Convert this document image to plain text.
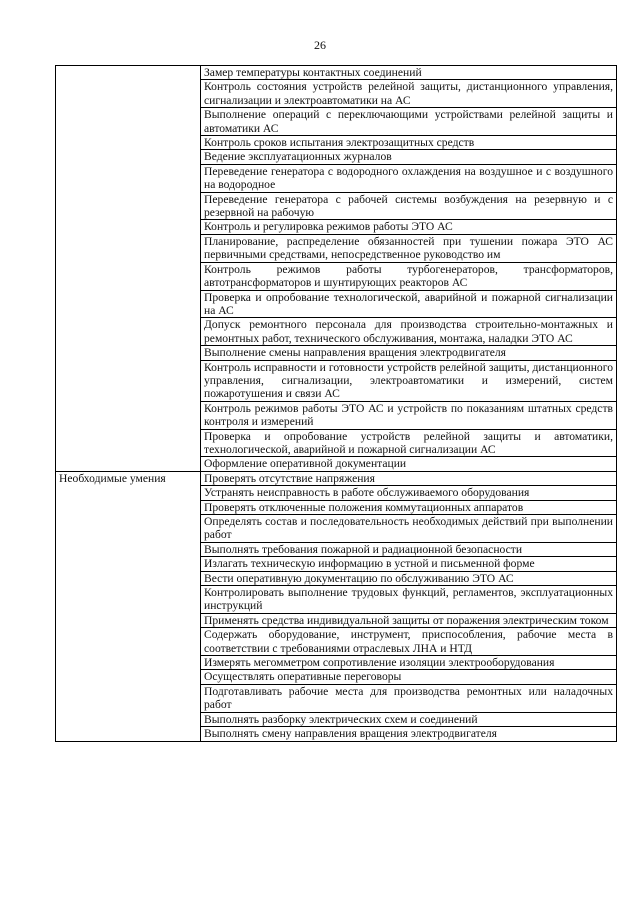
26
	Замер температуры контактных соединений
	Контроль состояния устройств релейной защиты, дистанционного управления, сигнализации и электроавтоматики на АС
	Выполнение операций с переключающими устройствами релейной защиты и автоматики АС
	Контроль сроков испытания электрозащитных средств
	Ведение эксплуатационных журналов
	Переведение генератора с водородного охлаждения на воздушное и с воздушного на водородное
	Переведение генератора с рабочей системы возбуждения на резервную и с резервной на рабочую
	Контроль и регулировка режимов работы ЭТО АС
	Планирование, распределение обязанностей при тушении пожара ЭТО АС первичными средствами, непосредственное руководство им
	Контроль режимов работы турбогенераторов, трансформаторов, автотрансформаторов и шунтирующих реакторов АС
	Проверка и опробование технологической, аварийной и пожарной сигнализации на АС
	Допуск ремонтного персонала для производства строительно-монтажных и ремонтных работ, технического обслуживания, монтажа, наладки ЭТО АС
	Выполнение смены направления вращения электродвигателя
	Контроль исправности и готовности устройств релейной защиты, дистанционного управления, сигнализации, электроавтоматики и измерений, систем пожаротушения и связи АС
	Контроль режимов работы ЭТО АС и устройств по показаниям штатных средств контроля и измерений
	Проверка и опробование устройств релейной защиты и автоматики, технологической, аварийной и пожарной сигнализации АС
	Оформление оперативной документации

Необходимые умения	Проверять отсутствие напряжения
	Устранять неисправность в работе обслуживаемого оборудования
	Проверять отключенные положения коммутационных аппаратов
	Определять состав и последовательность необходимых действий при выполнении работ
	Выполнять требования пожарной и радиационной безопасности
	Излагать техническую информацию в устной и письменной форме
	Вести оперативную документацию по обслуживанию ЭТО АС
	Контролировать выполнение трудовых функций, регламентов, эксплуатационных инструкций
	Применять средства индивидуальной защиты от поражения электрическим током
	Содержать оборудование, инструмент, приспособления, рабочие места в соответствии с требованиями отраслевых ЛНА и НТД
	Измерять мегомметром сопротивление изоляции электрооборудования
	Осуществлять оперативные переговоры
	Подготавливать рабочие места для производства ремонтных или наладочных работ
	Выполнять разборку электрических схем и соединений
	Выполнять смену направления вращения электродвигателя
